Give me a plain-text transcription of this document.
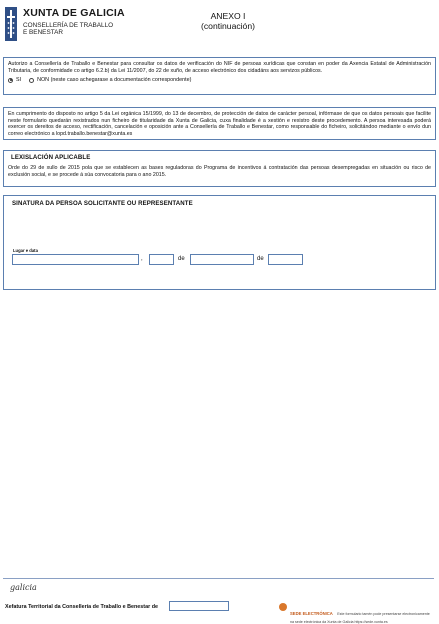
XUNTA DE GALICIA
CONSELLERÍA DE TRABALLO
E BENESTAR
ANEXO I
(continuación)
Autorizo a Consellería de Traballo e Benestar para consultar os datos de verificación do NIF de persoas xurídicas que constan en poder da Axencia Estatal de Administración Tributaria, de conformidade co artigo 6.2.b) da Lei 11/2007, do 22 de xuño, de acceso electrónico dos cidadáns aos servizos públicos.
SI	NON (neste caso achegarase a documentación correspondente)
En cumprimento do disposto no artigo 5 da Lei orgánica 15/1999, do 13 de decembro, de protección de datos de carácter persoal, infórmase de que os datos persoais que facilite neste formulario quedarán rexistrados nun ficheiro de titularidade da Xunta de Galicia, cuxa finalidade é a xestión e rexistro deste procedemento. A persoa interesada poderá exercer os dereitos de acceso, rectificación, cancelación e oposición ante a Consellería de Traballo e Benestar, como responsable do ficheiro, solicitándoo mediante o envío dun correo electrónico a lopd.traballo.benestar@xunta.es
LEXISLACIÓN APLICABLE
Orde do 29 de xullo de 2015 pola que se establecen as bases reguladoras do Programa de incentivos á contratación das persoas desempregadas en situación ou risco de exclusión social, e se procede á súa convocatoria para o ano 2015.
SINATURA DA PERSOA SOLICITANTE OU REPRESENTANTE
Lugar e data
,	de	de
galicia
Xefatura Territorial da Consellería de Traballo e Benestar de
SEDE ELECTRÓNICA Este formulario tamén pode presentarse electronicamente
na sede electrónica da Xunta de Galicia https://sede.xunta.es
